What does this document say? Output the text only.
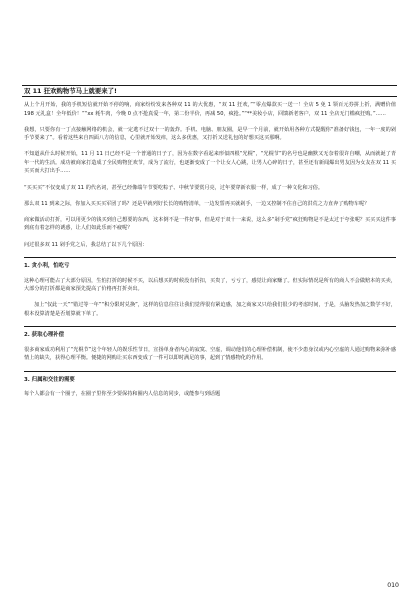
双 11 狂欢购物节马上就要来了!

从上个月开始，我的手机短信就开始不停的响，商家纷纷发来各种双 11 的大优惠，“双 11 狂欢，”“零点爆款买一送一！全店 5 免 1 领百元券拼上折，满赠价值 198 元礼盒！全年低价！”“xx 耗牛肉，今晚 0 点不抢真爱一年，第二份半价，再减 50，疯抢。”“**美妆小店，回馈新老客户，双 11 全店无门槛疯狂购。”……

我想，只要你有一丁点接触网络的机会，就一定逃不过双十一的轰炸。手机、电脑、朋友圈，是早一个月前，就开始用各种方式提醒你“准备好钱包，一年一度的剁手节要来了”。看着这些来自四面八方的信息，心里就开始发痒，这么多优惠，又打折又送礼包的好想买这买那啊。

不知道从什么时候开始，11 月 11 日已经不是一个普通的日子了，因为在数字看起来形似四根“光棍”，“光棍节”的名号也是幽默又无奈着很许自嘲，从而就诞了青年一代的生活。成功被商家打造成了全民购物狂欢节，成为了流行，也逐渐变成了一个让女人心跳，让男人心碎的日子，甚至还有新闻爆出男友因为女友在双 11 买买买而大打出手……

“买买买”不仅变成了双 11 的代名词，甚至已经像端午节要吃粽子、中秋节要赏月亮，过年要穿新衣服一样，成了一种文化和习俗。

那么双 11 到来之际，你加入买买买军团了吗？还是早就列好长长的购物清单，一边发誓再买就剁手，一边又控制不住自己的洪荒之力直奔了购物车呢？

商家做活动打折，可以用更少的钱买到自己想要的东西，这本倒不是一件好事，但是对于双十一来说，这么多“剁手党”疯狂购物是不是太过于夸张呢？买买买这件事到底有着怎样的诱惑，让人们如此乐而不疲呢？

问过很多双 11 剁手党之后，我总结了以下几个原因：

1. 贪小利，怕吃亏

这种心理可能占了大部分原因，生怕打折的时候不买，以后想买的时候没有折扣，买贵了，亏亏了，感觉让商家赚了。但实际情况是所有的商人不会做赔本的买卖，大部分的打折都是商家预先提高了价格再打折卖出。

加上“仅此一天”“错过等一年”“积分限时兑换”，这样的信息往往让我们觉得很有紧迫感，加之商家又只给我们很少的考虑时间，于是，头脑发热加之数学不好，根本没算清楚是否划算就下单了。

2. 获取心理补偿

很多商家成功利用了“光棍节”这个年轻人的娱乐性节日，宣扬单身者内心的寂寞、空虚，调动他们的心理补偿机制，使不少患身汉或内心空虚的人通过购物来弥补感情上的缺失，获得心理平衡。便捷的网购让买东西变成了一件可以即时满足的事，起到了情感物化的作用。

3. 归属和交往的需要

每个人都会有一个圈子，在圈子里你至少要保持和圈内人信息的同步，或能参与到话题

010
